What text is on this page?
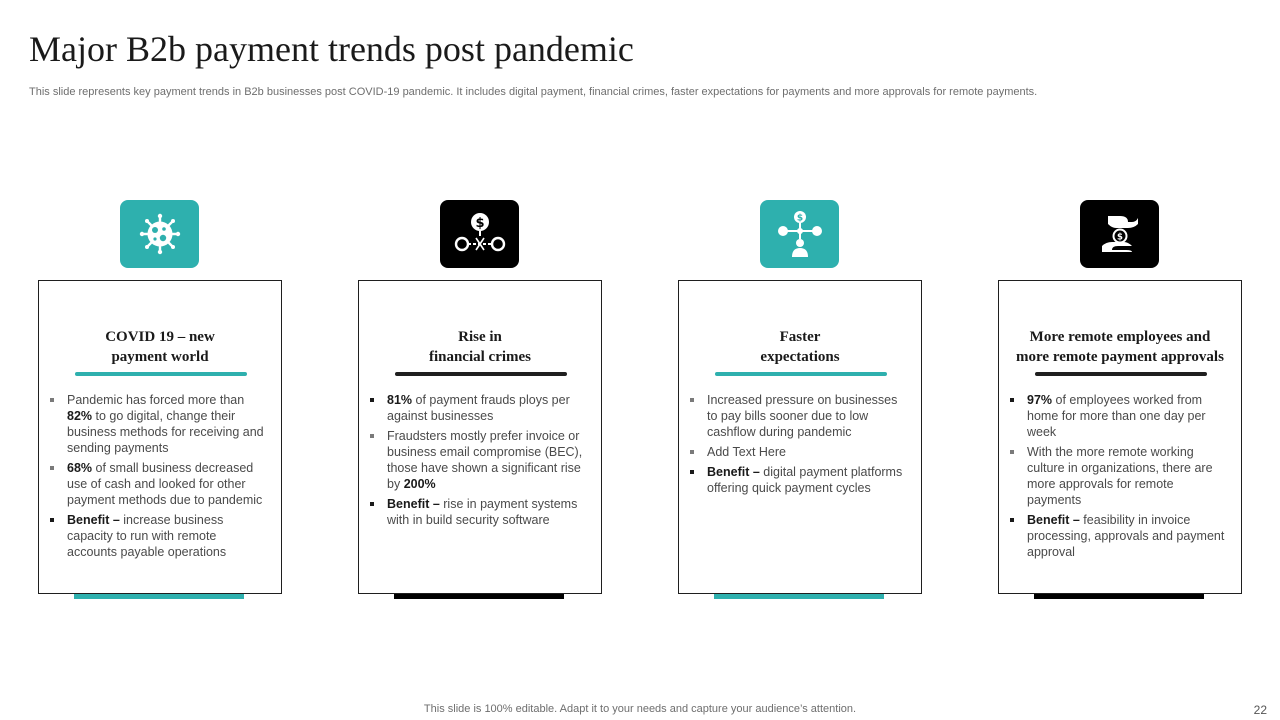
Major B2b payment trends post pandemic

This slide represents key payment trends in B2b businesses post COVID-19 pandemic. It includes digital payment, financial crimes, faster expectations for payments and more approvals for remote payments.

COVID 19 – new
payment world
Pandemic has forced more than 82% to go digital, change their business methods for receiving and sending payments
68% of small business decreased use of cash and looked for other payment methods due to pandemic
Benefit – increase business capacity to run with remote accounts payable operations
$
Rise in
financial crimes
81% of payment frauds ploys per against businesses
Fraudsters mostly prefer invoice or business email compromise (BEC), those have shown a significant rise by 200%
Benefit – rise in payment systems with in build security software
$
Faster
expectations
Increased pressure on businesses to pay bills sooner due to low cashflow during pandemic
Add Text Here
Benefit – digital payment platforms offering quick payment cycles
$
More remote employees and
more remote payment approvals
97% of employees worked from home for more than one day per week
With the more remote working culture in organizations, there are more approvals for remote payments
Benefit – feasibility in invoice processing, approvals and payment approval

This slide is 100% editable. Adapt it to your needs and capture your audience’s attention.	22
